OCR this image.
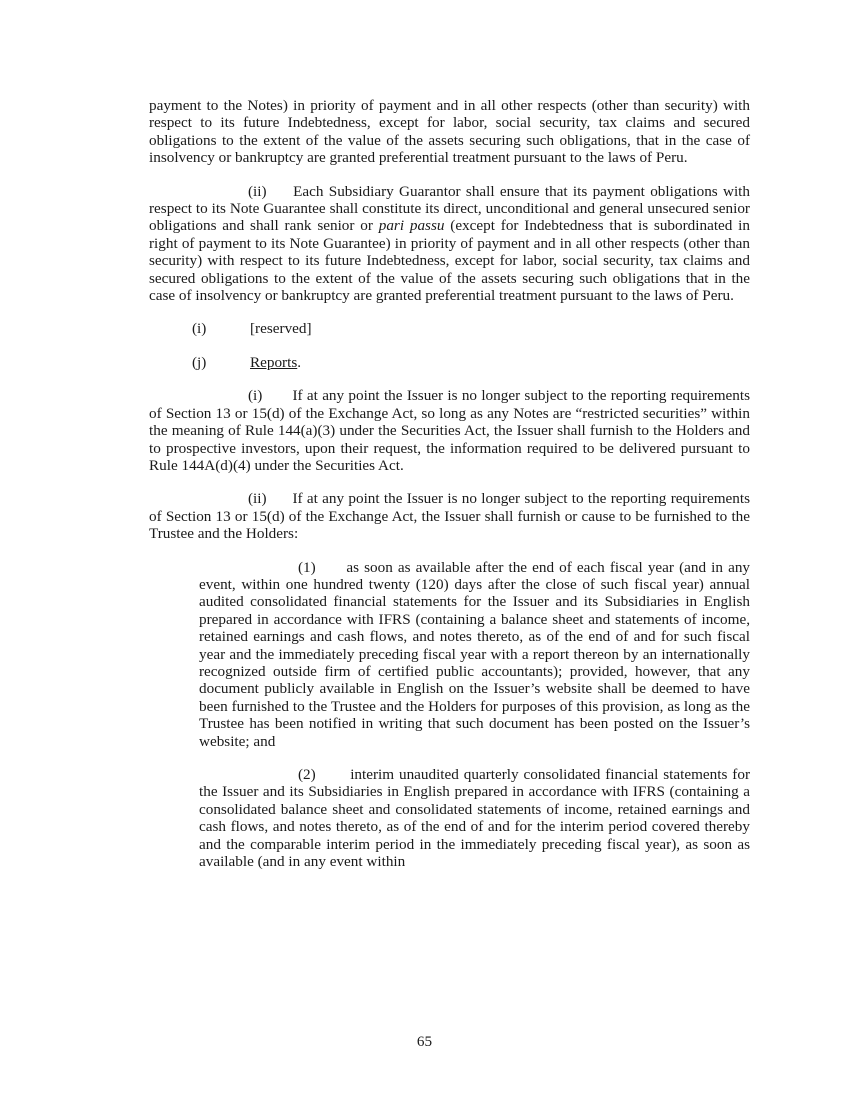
payment to the Notes) in priority of payment and in all other respects (other than security) with respect to its future Indebtedness, except for labor, social security, tax claims and secured obligations to the extent of the value of the assets securing such obligations, that in the case of insolvency or bankruptcy are granted preferential treatment pursuant to the laws of Peru.

(ii) Each Subsidiary Guarantor shall ensure that its payment obligations with respect to its Note Guarantee shall constitute its direct, unconditional and general unsecured senior obligations and shall rank senior or pari passu (except for Indebtedness that is subordinated in right of payment to its Note Guarantee) in priority of payment and in all other respects (other than security) with respect to its future Indebtedness, except for labor, social security, tax claims and secured obligations to the extent of the value of the assets securing such obligations that in the case of insolvency or bankruptcy are granted preferential treatment pursuant to the laws of Peru.

(i)	[reserved]
(j)	Reports.

(i) If at any point the Issuer is no longer subject to the reporting requirements of Section 13 or 15(d) of the Exchange Act, so long as any Notes are “restricted securities” within the meaning of Rule 144(a)(3) under the Securities Act, the Issuer shall furnish to the Holders and to prospective investors, upon their request, the information required to be delivered pursuant to Rule 144A(d)(4) under the Securities Act.

(ii) If at any point the Issuer is no longer subject to the reporting requirements of Section 13 or 15(d) of the Exchange Act, the Issuer shall furnish or cause to be furnished to the Trustee and the Holders:

(1) as soon as available after the end of each fiscal year (and in any event, within one hundred twenty (120) days after the close of such fiscal year) annual audited consolidated financial statements for the Issuer and its Subsidiaries in English prepared in accordance with IFRS (containing a balance sheet and statements of income, retained earnings and cash flows, and notes thereto, as of the end of and for such fiscal year and the immediately preceding fiscal year with a report thereon by an internationally recognized outside firm of certified public accountants); provided, however, that any document publicly available in English on the Issuer’s website shall be deemed to have been furnished to the Trustee and the Holders for purposes of this provision, as long as the Trustee has been notified in writing that such document has been posted on the Issuer’s website; and

(2) interim unaudited quarterly consolidated financial statements for the Issuer and its Subsidiaries in English prepared in accordance with IFRS (containing a consolidated balance sheet and consolidated statements of income, retained earnings and cash flows, and notes thereto, as of the end of and for the interim period covered thereby and the comparable interim period in the immediately preceding fiscal year), as soon as available (and in any event within

65
